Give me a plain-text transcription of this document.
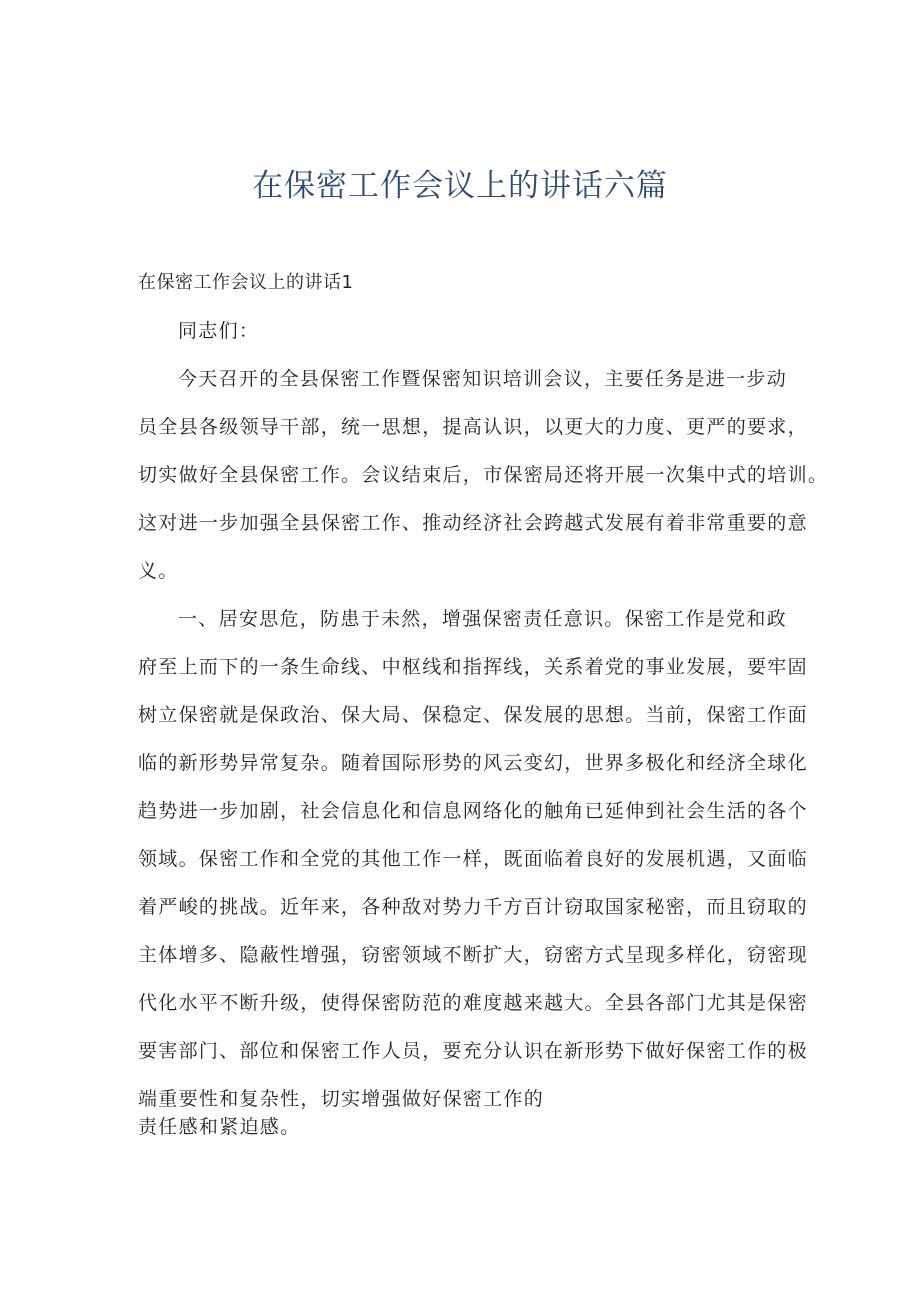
在保密工作会议上的讲话六篇
在保密工作会议上的讲话1
同志们：
今天召开的全县保密工作暨保密知识培训会议，主要任务是进一步动
员全县各级领导干部，统一思想，提高认识，以更大的力度、更严的要求，
切实做好全县保密工作。会议结束后，市保密局还将开展一次集中式的培训。
这对进一步加强全县保密工作、推动经济社会跨越式发展有着非常重要的意
义。
一、居安思危，防患于未然，增强保密责任意识。保密工作是党和政
府至上而下的一条生命线、中枢线和指挥线，关系着党的事业发展，要牢固
树立保密就是保政治、保大局、保稳定、保发展的思想。当前，保密工作面
临的新形势异常复杂。随着国际形势的风云变幻，世界多极化和经济全球化
趋势进一步加剧，社会信息化和信息网络化的触角已延伸到社会生活的各个
领域。保密工作和全党的其他工作一样，既面临着良好的发展机遇，又面临
着严峻的挑战。近年来，各种敌对势力千方百计窃取国家秘密，而且窃取的
主体增多、隐蔽性增强，窃密领域不断扩大，窃密方式呈现多样化，窃密现
代化水平不断升级，使得保密防范的难度越来越大。全县各部门尤其是保密
要害部门、部位和保密工作人员，要充分认识在新形势下做好保密工作的极
端重要性和复杂性，切实增强做好保密工作的
责任感和紧迫感。
